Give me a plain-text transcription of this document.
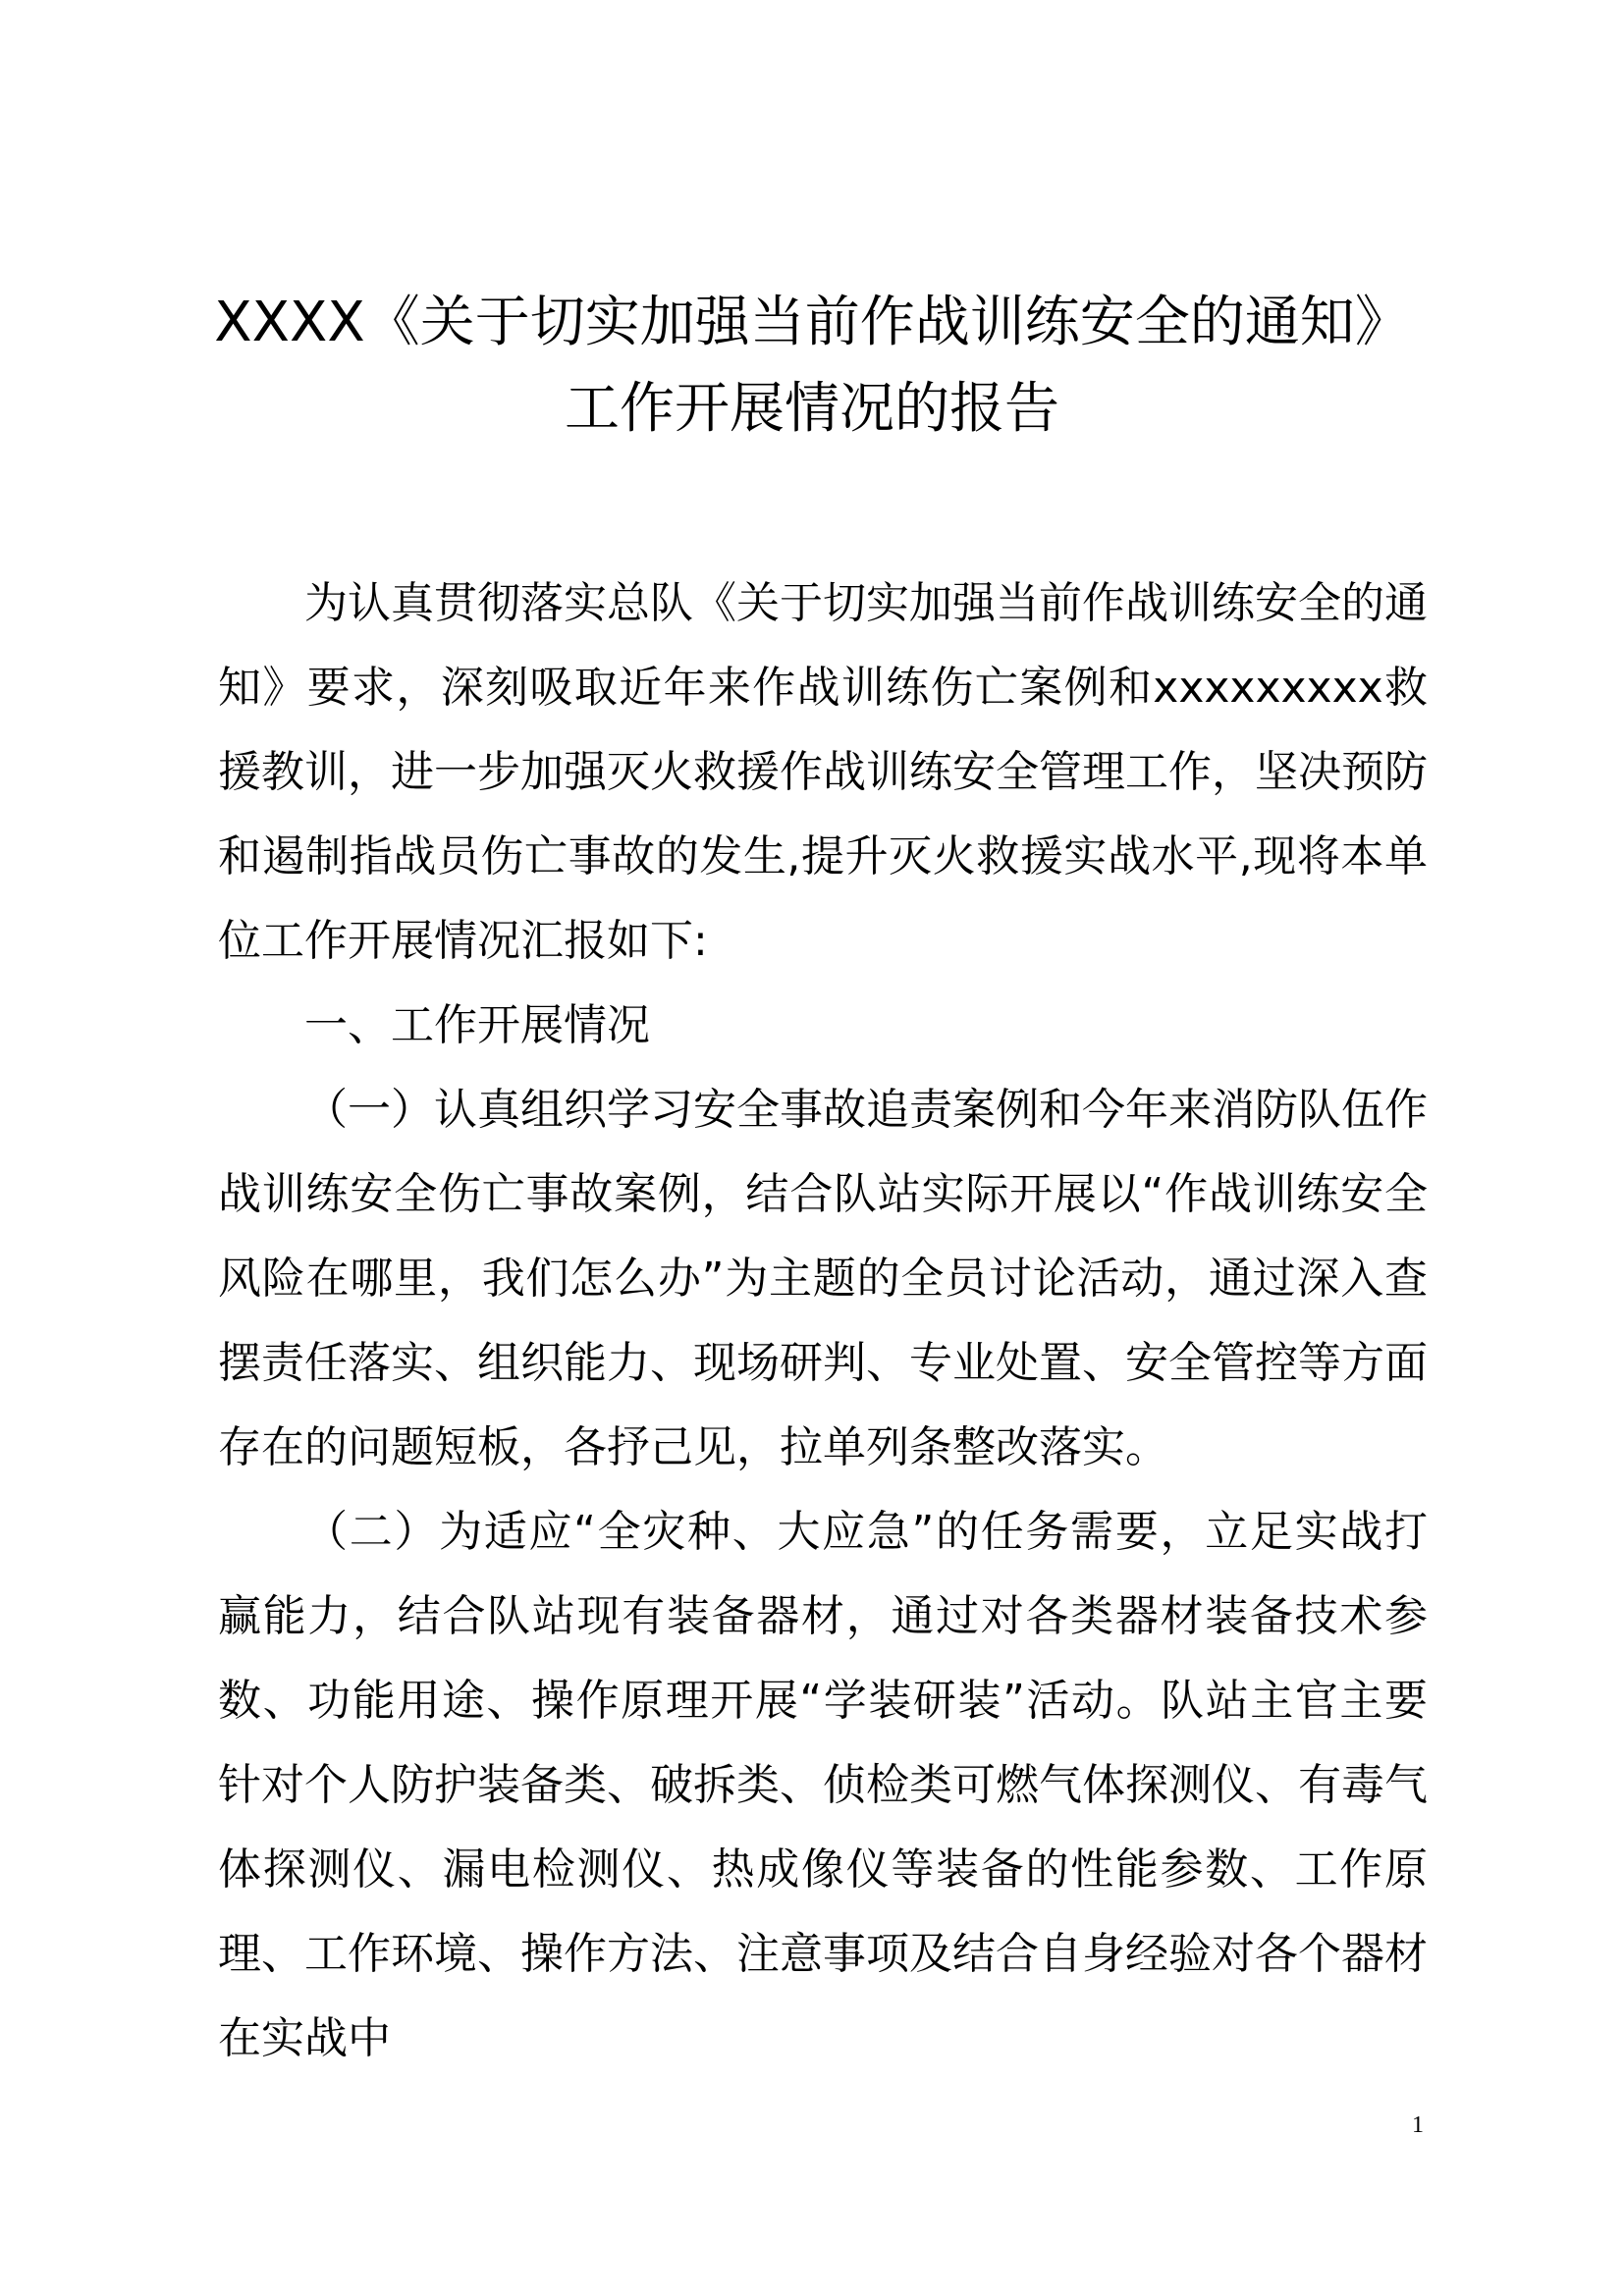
XXXX《关于切实加强当前作战训练安全的通知》工作开展情况的报告

为认真贯彻落实总队《关于切实加强当前作战训练安全的通知》要求，深刻吸取近年来作战训练伤亡案例和xxxxxxxxx救援教训，进一步加强灭火救援作战训练安全管理工作，坚决预防和遏制指战员伤亡事故的发生,提升灭火救援实战水平,现将本单位工作开展情况汇报如下:

一、工作开展情况

（一）认真组织学习安全事故追责案例和今年来消防队伍作战训练安全伤亡事故案例，结合队站实际开展以“作战训练安全风险在哪里，我们怎么办”为主题的全员讨论活动，通过深入查摆责任落实、组织能力、现场研判、专业处置、安全管控等方面存在的问题短板，各抒己见，拉单列条整改落实。

（二）为适应“全灾种、大应急”的任务需要，立足实战打赢能力，结合队站现有装备器材，通过对各类器材装备技术参数、功能用途、操作原理开展“学装研装”活动。队站主官主要针对个人防护装备类、破拆类、侦检类可燃气体探测仪、有毒气体探测仪、漏电检测仪、热成像仪等装备的性能参数、工作原理、工作环境、操作方法、注意事项及结合自身经验对各个器材在实战中

1
